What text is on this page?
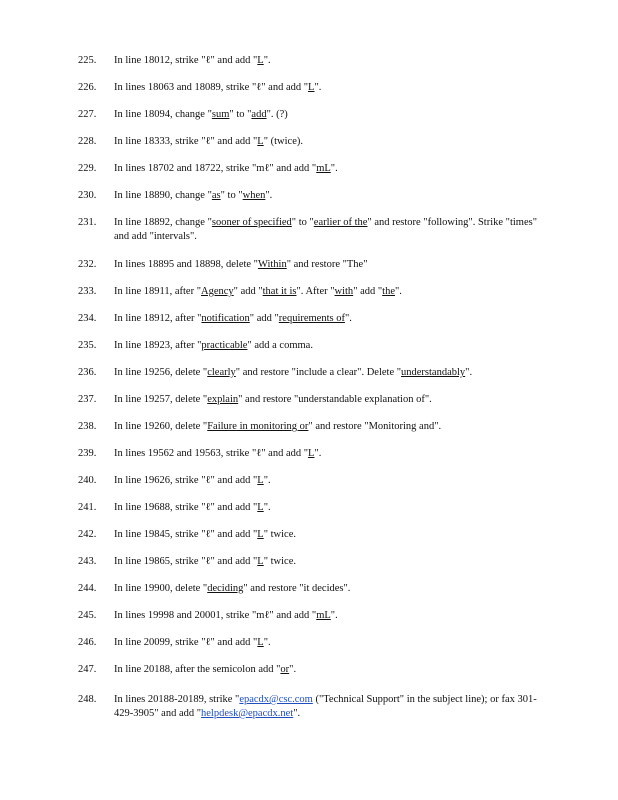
225.	In line 18012, strike "ℓ" and add "L".
226.	In lines 18063 and 18089, strike "ℓ" and add "L".
227.	In line 18094, change "sum" to "add". (?)
228.	In line 18333, strike "ℓ" and add "L" (twice).
229.	In lines 18702 and 18722, strike "mℓ" and add "mL".
230.	In line 18890, change "as" to "when".
231.	In line 18892, change "sooner of specified" to "earlier of the" and restore "following". Strike "times" and add "intervals".
232.	In lines 18895 and 18898, delete "Within" and restore "The"
233.	In line 18911, after "Agency" add "that it is". After "with" add "the".
234.	In line 18912, after "notification" add "requirements of".
235.	In line 18923, after "practicable" add a comma.
236.	In line 19256, delete "clearly" and restore "include a clear". Delete "understandably".
237.	In line 19257, delete "explain" and restore "understandable explanation of".
238.	In line 19260, delete "Failure in monitoring or" and restore "Monitoring and".
239.	In lines 19562 and 19563, strike "ℓ" and add "L".
240.	In line 19626, strike "ℓ" and add "L".
241.	In line 19688, strike "ℓ" and add "L".
242.	In line 19845, strike "ℓ" and add "L" twice.
243.	In line 19865, strike "ℓ" and add "L" twice.
244.	In line 19900, delete "deciding" and restore "it decides".
245.	In lines 19998 and 20001, strike "mℓ" and add "mL".
246.	In line 20099, strike "ℓ" and add "L".
247.	In line 20188, after the semicolon add "or".
248.	In lines 20188-20189, strike "epacdx@csc.com ("Technical Support" in the subject line); or fax 301-429-3905" and add "helpdesk@epacdx.net".
